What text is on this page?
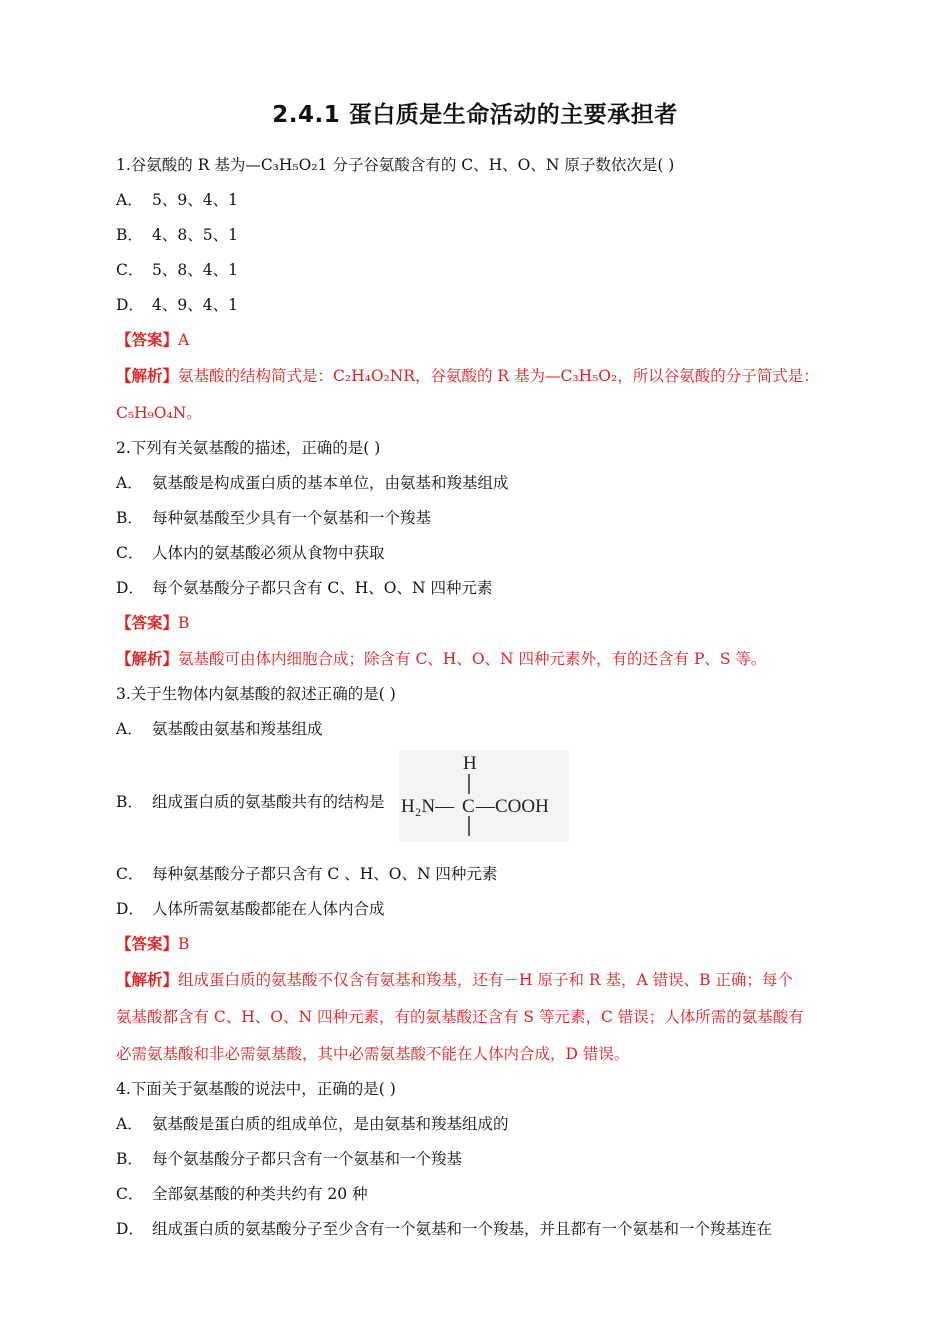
2.4.1 蛋白质是生命活动的主要承担者
1.谷氨酸的 R 基为—C₃H₅O₂1 分子谷氨酸含有的 C、H、O、N 原子数依次是( )
A． 5、9、4、1
B． 4、8、5、1
C． 5、8、4、1
D． 4、9、4、1
【答案】A
【解析】氨基酸的结构简式是：C₂H₄O₂NR，谷氨酸的 R 基为—C₃H₅O₂，所以谷氨酸的分子简式是：
C₅H₉O₄N。
2.下列有关氨基酸的描述，正确的是( )
A． 氨基酸是构成蛋白质的基本单位，由氨基和羧基组成
B． 每种氨基酸至少具有一个氨基和一个羧基
C． 人体内的氨基酸必须从食物中获取
D． 每个氨基酸分子都只含有 C、H、O、N 四种元素
【答案】B
【解析】氨基酸可由体内细胞合成；除含有 C、H、O、N 四种元素外，有的还含有 P、S 等。
3.关于生物体内氨基酸的叙述正确的是( )
A． 氨基酸由氨基和羧基组成
B． 组成蛋白质的氨基酸共有的结构是
H
H₂N— C —COOH
C． 每种氨基酸分子都只含有 C 、H、O、N 四种元素
D． 人体所需氨基酸都能在人体内合成
【答案】B
【解析】组成蛋白质的氨基酸不仅含有氨基和羧基，还有－H 原子和 R 基，A 错误、B 正确；每个
氨基酸都含有 C、H、O、N 四种元素，有的氨基酸还含有 S 等元素，C 错误；人体所需的氨基酸有
必需氨基酸和非必需氨基酸，其中必需氨基酸不能在人体内合成，D 错误。
4.下面关于氨基酸的说法中，正确的是( )
A． 氨基酸是蛋白质的组成单位，是由氨基和羧基组成的
B． 每个氨基酸分子都只含有一个氨基和一个羧基
C． 全部氨基酸的种类共约有 20 种
D． 组成蛋白质的氨基酸分子至少含有一个氨基和一个羧基，并且都有一个氨基和一个羧基连在
